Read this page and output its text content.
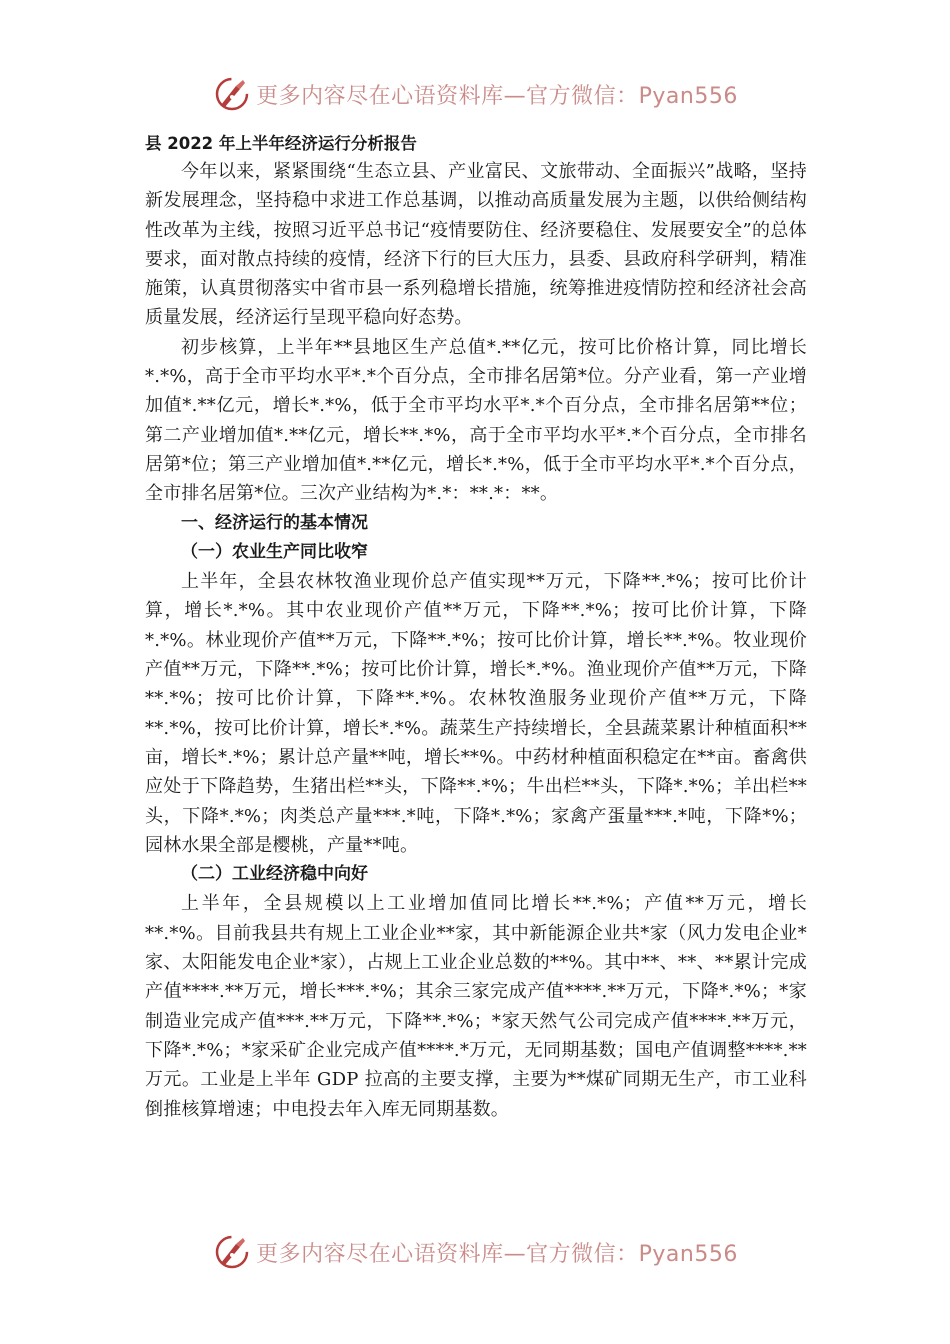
更多内容尽在心语资料库—官方微信：Pyan556
县 2022 年上半年经济运行分析报告

今年以来，紧紧围绕“生态立县、产业富民、文旅带动、全面振兴”战略，坚持新发展理念，坚持稳中求进工作总基调，以推动高质量发展为主题，以供给侧结构性改革为主线，按照习近平总书记“疫情要防住、经济要稳住、发展要安全”的总体要求，面对散点持续的疫情，经济下行的巨大压力，县委、县政府科学研判，精准施策，认真贯彻落实中省市县一系列稳增长措施，统筹推进疫情防控和经济社会高质量发展，经济运行呈现平稳向好态势。

初步核算，上半年**县地区生产总值*.**亿元，按可比价格计算，同比增长*.*%，高于全市平均水平*.*个百分点，全市排名居第*位。分产业看，第一产业增加值*.**亿元，增长*.*%，低于全市平均水平*.*个百分点，全市排名居第**位；第二产业增加值*.**亿元，增长**.*%，高于全市平均水平*.*个百分点，全市排名居第*位；第三产业增加值*.**亿元，增长*.*%，低于全市平均水平*.*个百分点，全市排名居第*位。三次产业结构为*.*：**.*：**。

一、经济运行的基本情况
（一）农业生产同比收窄

上半年，全县农林牧渔业现价总产值实现**万元，下降**.*%；按可比价计算，增长*.*%。其中农业现价产值**万元，下降**.*%；按可比价计算，下降*.*%。林业现价产值**万元，下降**.*%；按可比价计算，增长**.*%。牧业现价产值**万元，下降**.*%；按可比价计算，增长*.*%。渔业现价产值**万元，下降**.*%；按可比价计算，下降**.*%。农林牧渔服务业现价产值**万元，下降**.*%，按可比价计算，增长*.*%。蔬菜生产持续增长，全县蔬菜累计种植面积**亩，增长*.*%；累计总产量**吨，增长**%。中药材种植面积稳定在**亩。畜禽供应处于下降趋势，生猪出栏**头，下降**.*%；牛出栏**头，下降*.*%；羊出栏**头，下降*.*%；肉类总产量***.*吨，下降*.*%；家禽产蛋量***.*吨，下降*%；园林水果全部是樱桃，产量**吨。

（二）工业经济稳中向好

上半年，全县规模以上工业增加值同比增长**.*%；产值**万元，增长**.*%。目前我县共有规上工业企业**家，其中新能源企业共*家（风力发电企业*家、太阳能发电企业*家），占规上工业企业总数的**%。其中**、**、**累计完成产值****.**万元，增长***.*%；其余三家完成产值****.**万元，下降*.*%；*家制造业完成产值***.**万元，下降**.*%；*家天然气公司完成产值****.**万元，下降*.*%；*家采矿企业完成产值****.*万元，无同期基数；国电产值调整****.**万元。工业是上半年 GDP 拉高的主要支撑，主要为**煤矿同期无生产，市工业科倒推核算增速；中电投去年入库无同期基数。

更多内容尽在心语资料库—官方微信：Pyan556
